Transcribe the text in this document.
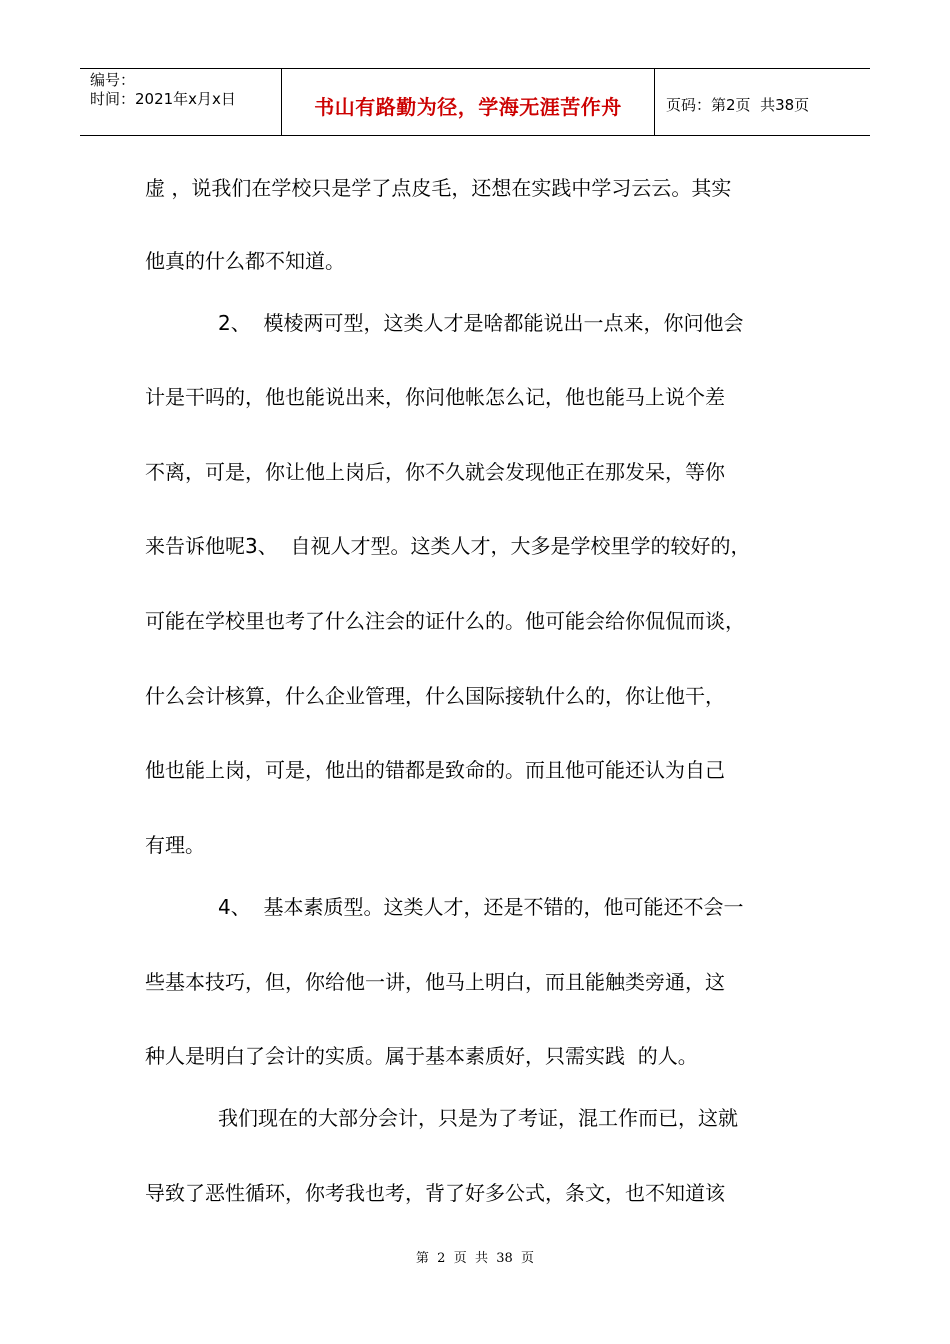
编号：
时间：2021年x月x日	书山有路勤为径，学海无涯苦作舟	页码：第2页  共38页
虚 ，说我们在学校只是学了点皮毛，还想在实践中学习云云。其实
他真的什么都不知道。
2、  模棱两可型，这类人才是啥都能说出一点来，你问他会
计是干吗的，他也能说出来，你问他帐怎么记，他也能马上说个差
不离，可是，你让他上岗后，你不久就会发现他正在那发呆，等你
来告诉他呢3、  自视人才型。这类人才，大多是学校里学的较好的，
可能在学校里也考了什么注会的证什么的。他可能会给你侃侃而谈，
什么会计核算，什么企业管理，什么国际接轨什么的，你让他干，
他也能上岗，可是，他出的错都是致命的。而且他可能还认为自己
有理。
4、  基本素质型。这类人才，还是不错的，他可能还不会一
些基本技巧，但，你给他一讲，他马上明白，而且能触类旁通，这
种人是明白了会计的实质。属于基本素质好，只需实践  的人。
我们现在的大部分会计，只是为了考证，混工作而已，这就
导致了恶性循环，你考我也考，背了好多公式，条文，也不知道该
第  2  页  共  38  页
